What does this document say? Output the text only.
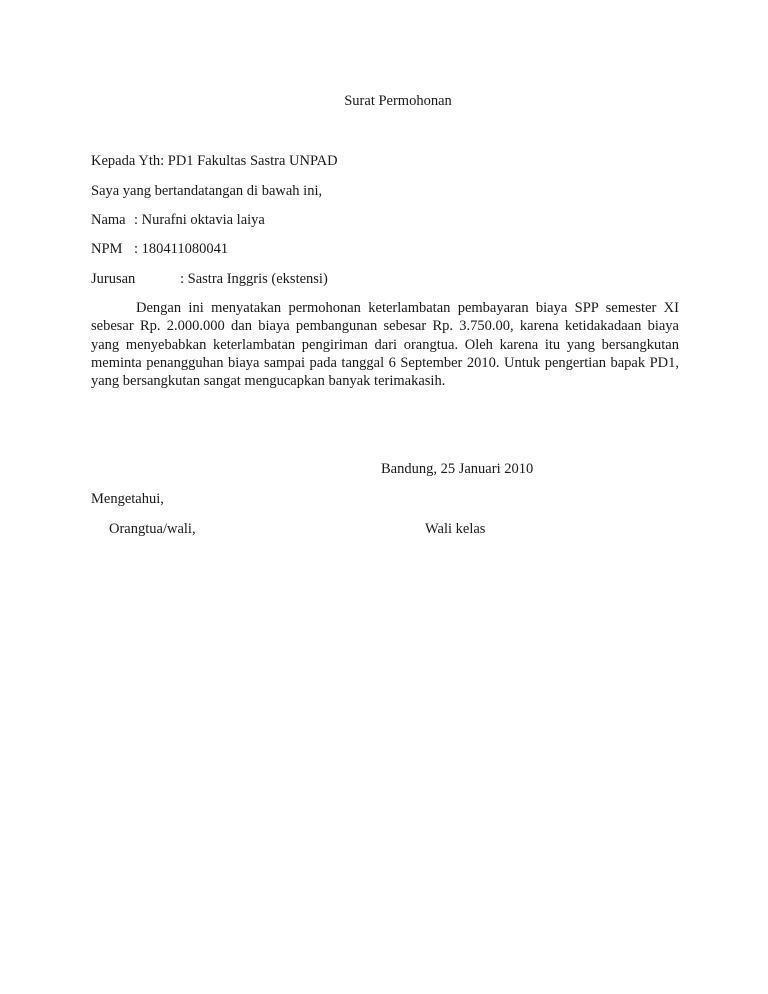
Surat Permohonan
Kepada Yth: PD1 Fakultas Sastra UNPAD
Saya yang bertandatangan di bawah ini,
Nama : Nurafni oktavia laiya
NPM : 180411080041
Jurusan	: Sastra Inggris (ekstensi)
Dengan ini menyatakan permohonan keterlambatan pembayaran biaya SPP semester XI sebesar Rp. 2.000.000 dan biaya pembangunan sebesar Rp. 3.750.00, karena ketidakadaan biaya yang menyebabkan keterlambatan pengiriman dari orangtua. Oleh karena itu yang bersangkutan meminta penangguhan biaya sampai pada tanggal 6 September 2010. Untuk pengertian bapak PD1, yang bersangkutan sangat mengucapkan banyak terimakasih.
Bandung, 25 Januari 2010
Mengetahui,
Orangtua/wali,	Wali kelas
